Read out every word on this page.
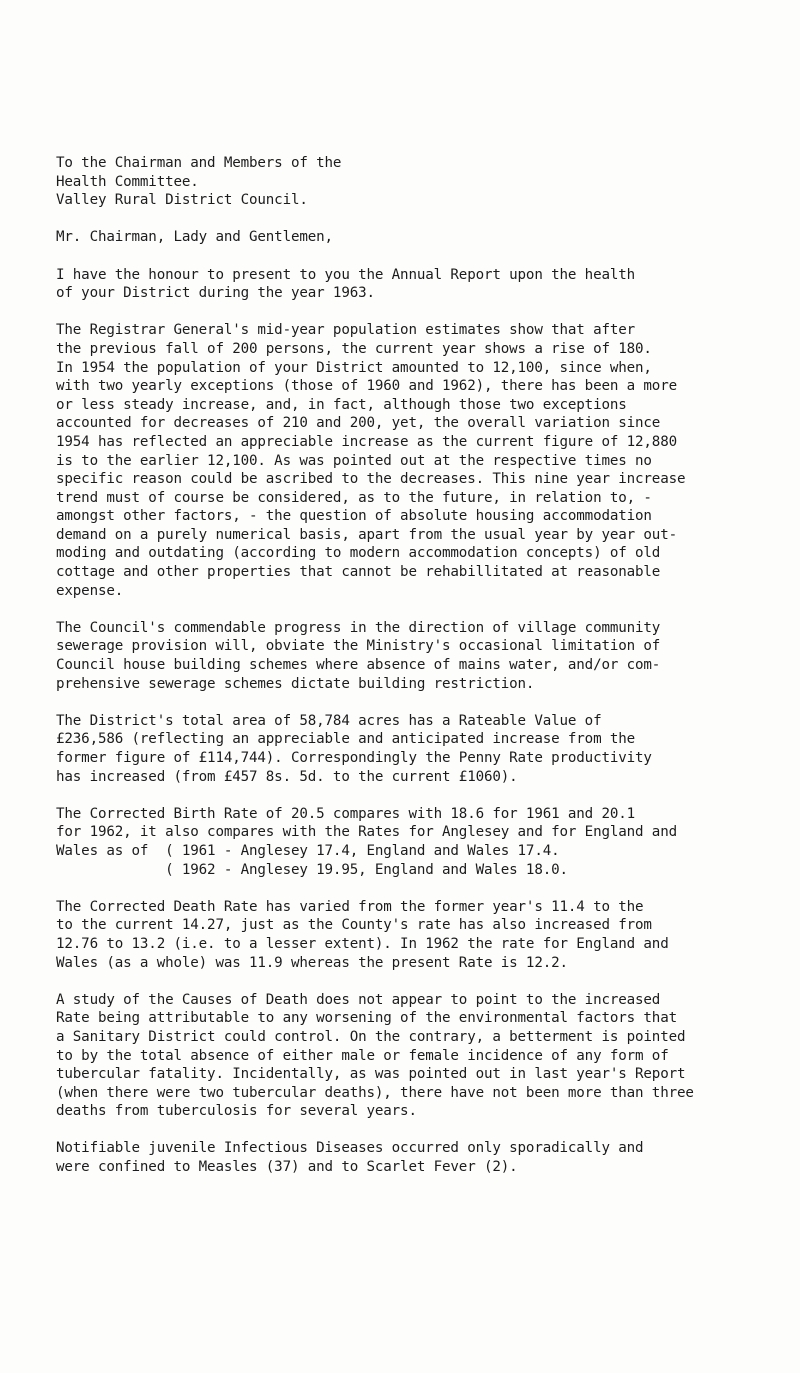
To the Chairman and Members of the
Health Committee.
Valley Rural District Council.
Mr. Chairman, Lady and Gentlemen,
I have the honour to present to you the Annual Report upon the health
of your District during the year 1963.
The Registrar General's mid-year population estimates show that after
the previous fall of 200 persons, the current year shows a rise of 180.
In 1954 the population of your District amounted to 12,100, since when,
with two yearly exceptions (those of 1960 and 1962), there has been a more
or less steady increase, and, in fact, although those two exceptions
accounted for decreases of 210 and 200, yet, the overall variation since
1954 has reflected an appreciable increase as the current figure of 12,880
is to the earlier 12,100. As was pointed out at the respective times no
specific reason could be ascribed to the decreases. This nine year increase
trend must of course be considered, as to the future, in relation to, -
amongst other factors, - the question of absolute housing accommodation
demand on a purely numerical basis, apart from the usual year by year out-
moding and outdating (according to modern accommodation concepts) of old
cottage and other properties that cannot be rehabillitated at reasonable
expense.
The Council's commendable progress in the direction of village community
sewerage provision will, obviate the Ministry's occasional limitation of
Council house building schemes where absence of mains water, and/or com-
prehensive sewerage schemes dictate building restriction.
The District's total area of 58,784 acres has a Rateable Value of
£236,586 (reflecting an appreciable and anticipated increase from the
former figure of £114,744). Correspondingly the Penny Rate productivity
has increased (from £457 8s. 5d. to the current £1060).
The Corrected Birth Rate of 20.5 compares with 18.6 for 1961 and 20.1
for 1962, it also compares with the Rates for Anglesey and for England and
Wales as of  ( 1961 - Anglesey 17.4, England and Wales 17.4.
( 1962 - Anglesey 19.95, England and Wales 18.0.
The Corrected Death Rate has varied from the former year's 11.4 to the
to the current 14.27, just as the County's rate has also increased from
12.76 to 13.2 (i.e. to a lesser extent). In 1962 the rate for England and
Wales (as a whole) was 11.9 whereas the present Rate is 12.2.
A study of the Causes of Death does not appear to point to the increased
Rate being attributable to any worsening of the environmental factors that
a Sanitary District could control. On the contrary, a betterment is pointed
to by the total absence of either male or female incidence of any form of
tubercular fatality. Incidentally, as was pointed out in last year's Report
(when there were two tubercular deaths), there have not been more than three
deaths from tuberculosis for several years.
Notifiable juvenile Infectious Diseases occurred only sporadically and
were confined to Measles (37) and to Scarlet Fever (2).
